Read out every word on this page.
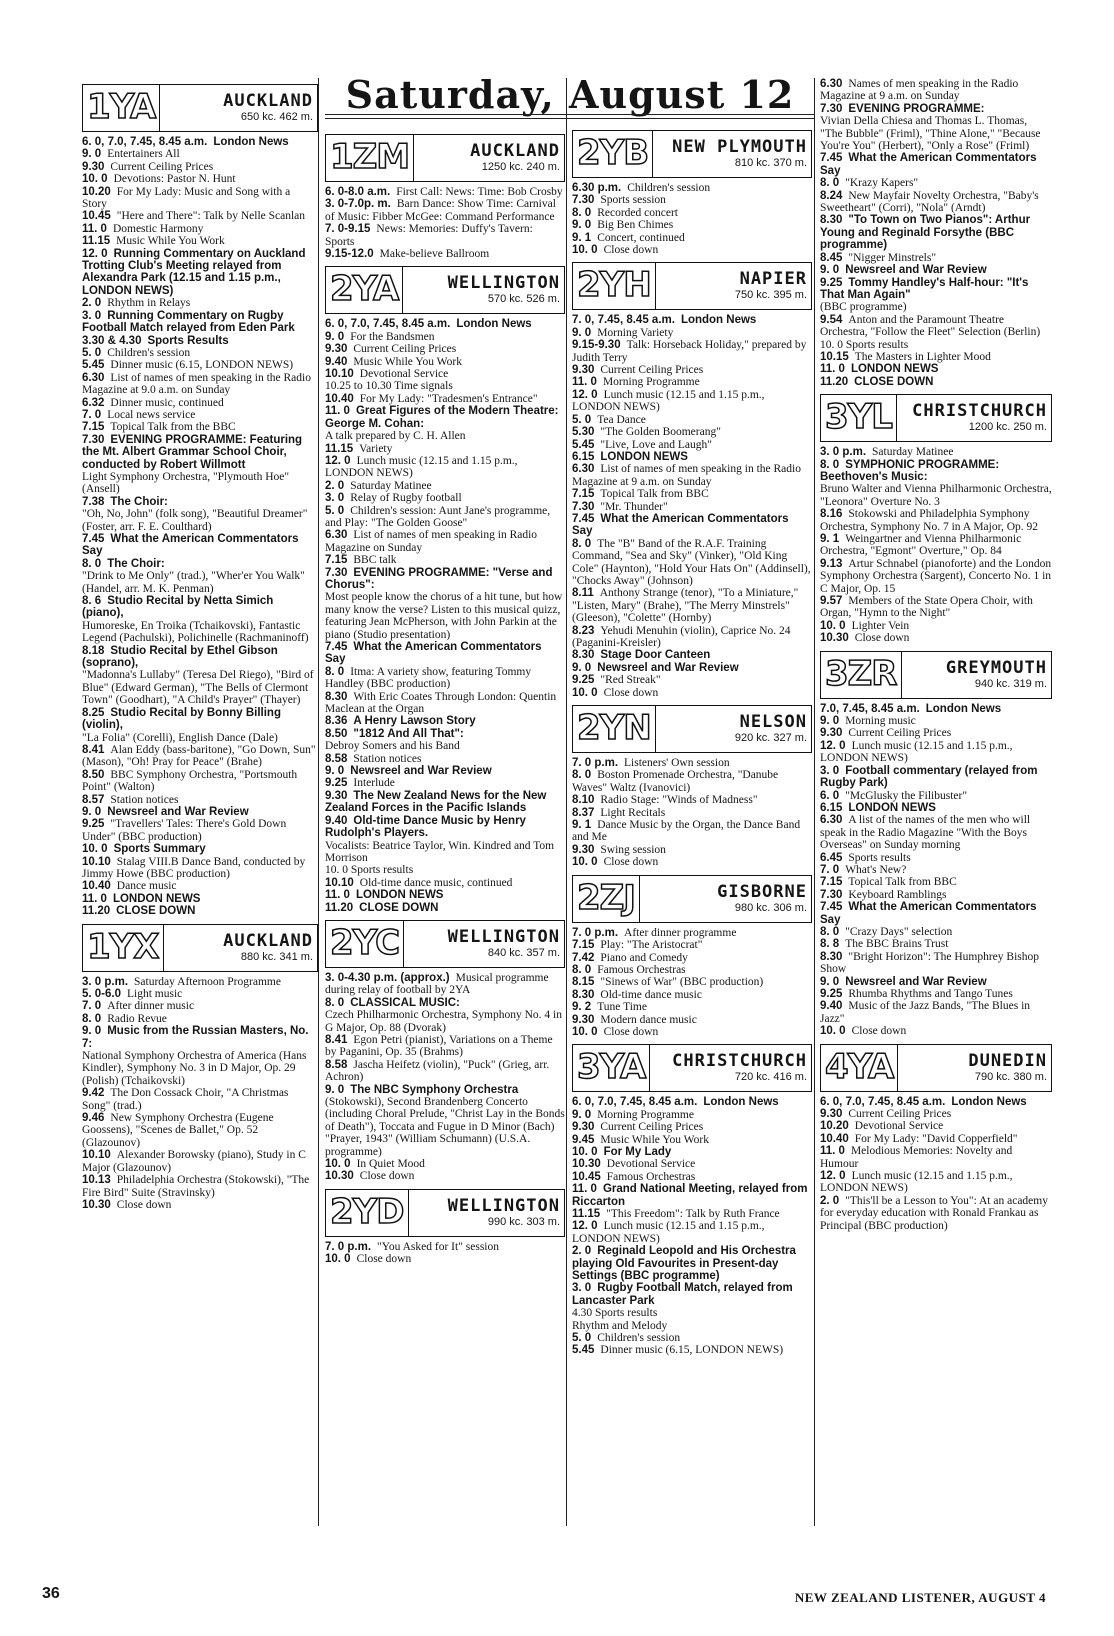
Saturday, August 12
1YA	AUCKLAND
650 kc. 462 m.

6. 0, 7.0, 7.45, 8.45 a.m. London News

9. 0 Entertainers All

9.30 Current Ceiling Prices

10. 0 Devotions: Pastor N. Hunt

10.20 For My Lady: Music and Song with a Story

10.45 "Here and There": Talk by Nelle Scanlan

11. 0 Domestic Harmony

11.15 Music While You Work

12. 0 Running Commentary on Auckland Trotting Club's Meeting relayed from Alexandra Park (12.15 and 1.15 p.m., LONDON NEWS)

2. 0 Rhythm in Relays

3. 0 Running Commentary on Rugby Football Match relayed from Eden Park

3.30 & 4.30 Sports Results

5. 0 Children's session

5.45 Dinner music (6.15, LONDON NEWS)

6.30 List of names of men speaking in the Radio Magazine at 9.0 a.m. on Sunday

6.32 Dinner music, continued

7. 0 Local news service

7.15 Topical Talk from the BBC

7.30 EVENING PROGRAMME: Featuring the Mt. Albert Grammar School Choir, conducted by Robert Willmott

Light Symphony Orchestra, "Plymouth Hoe" (Ansell)

7.38 The Choir:

"Oh, No, John" (folk song), "Beautiful Dreamer" (Foster, arr. F. E. Coulthard)

7.45 What the American Commentators Say

8. 0 The Choir:

"Drink to Me Only" (trad.), "Wher'er You Walk" (Handel, arr. M. K. Penman)

8. 6 Studio Recital by Netta Simich (piano),

Humoreske, En Troika (Tchaikovski), Fantastic Legend (Pachulski), Polichinelle (Rachmaninoff)

8.18 Studio Recital by Ethel Gibson (soprano),

"Madonna's Lullaby" (Teresa Del Riego), "Bird of Blue" (Edward German), "The Bells of Clermont Town" (Goodhart), "A Child's Prayer" (Thayer)

8.25 Studio Recital by Bonny Billing (violin),

"La Folia" (Corelli), English Dance (Dale)

8.41 Alan Eddy (bass-baritone), "Go Down, Sun" (Mason), "Oh! Pray for Peace" (Brahe)

8.50 BBC Symphony Orchestra, "Portsmouth Point" (Walton)

8.57 Station notices

9. 0 Newsreel and War Review

9.25 "Travellers' Tales: There's Gold Down Under" (BBC production)

10. 0 Sports Summary

10.10 Stalag VIII.B Dance Band, conducted by Jimmy Howe (BBC production)

10.40 Dance music

11. 0 LONDON NEWS

11.20 CLOSE DOWN

1YX	AUCKLAND
880 kc. 341 m.

3. 0 p.m. Saturday Afternoon Programme

5. 0-6.0 Light music

7. 0 After dinner music

8. 0 Radio Revue

9. 0 Music from the Russian Masters, No. 7:

National Symphony Orchestra of America (Hans Kindler), Symphony No. 3 in D Major, Op. 29 (Polish) (Tchaikovski)

9.42 The Don Cossack Choir, "A Christmas Song" (trad.)

9.46 New Symphony Orchestra (Eugene Goossens), "Scenes de Ballet," Op. 52 (Glazounov)

10.10 Alexander Borowsky (piano), Study in C Major (Glazounov)

10.13 Philadelphia Orchestra (Stokowski), "The Fire Bird" Suite (Stravinsky)

10.30 Close down

1ZM	AUCKLAND
1250 kc. 240 m.

6. 0-8.0 a.m. First Call: News: Time: Bob Crosby

3. 0-7.0p. m. Barn Dance: Show Time: Carnival of Music: Fibber McGee: Command Performance

7. 0-9.15 News: Memories: Duffy's Tavern: Sports

9.15-12.0 Make-believe Ballroom

2YA	WELLINGTON
570 kc. 526 m.

6. 0, 7.0, 7.45, 8.45 a.m. London News

9. 0 For the Bandsmen

9.30 Current Ceiling Prices

9.40 Music While You Work

10.10 Devotional Service

10.25 to 10.30 Time signals

10.40 For My Lady: "Tradesmen's Entrance"

11. 0 Great Figures of the Modern Theatre: George M. Cohan:

A talk prepared by C. H. Allen

11.15 Variety

12. 0 Lunch music (12.15 and 1.15 p.m., LONDON NEWS)

2. 0 Saturday Matinee

3. 0 Relay of Rugby football

5. 0 Children's session: Aunt Jane's programme, and Play: "The Golden Goose"

6.30 List of names of men speaking in Radio Magazine on Sunday

7.15 BBC talk

7.30 EVENING PROGRAMME: "Verse and Chorus":

Most people know the chorus of a hit tune, but how many know the verse? Listen to this musical quizz, featuring Jean McPherson, with John Parkin at the piano (Studio presentation)

7.45 What the American Commentators Say

8. 0 Itma: A variety show, featuring Tommy Handley (BBC production)

8.30 With Eric Coates Through London: Quentin Maclean at the Organ

8.36 A Henry Lawson Story

8.50 "1812 And All That":

Debroy Somers and his Band

8.58 Station notices

9. 0 Newsreel and War Review

9.25 Interlude

9.30 The New Zealand News for the New Zealand Forces in the Pacific Islands

9.40 Old-time Dance Music by Henry Rudolph's Players.

Vocalists: Beatrice Taylor, Win. Kindred and Tom Morrison

10. 0 Sports results

10.10 Old-time dance music, continued

11. 0 LONDON NEWS

11.20 CLOSE DOWN

2YC	WELLINGTON
840 kc. 357 m.

3. 0-4.30 p.m. (approx.) Musical programme during relay of football by 2YA

8. 0 CLASSICAL MUSIC:

Czech Philharmonic Orchestra, Symphony No. 4 in G Major, Op. 88 (Dvorak)

8.41 Egon Petri (pianist), Variations on a Theme by Paganini, Op. 35 (Brahms)

8.58 Jascha Heifetz (violin), "Puck" (Grieg, arr. Achron)

9. 0 The NBC Symphony Orchestra

(Stokowski), Second Brandenberg Concerto (including Choral Prelude, "Christ Lay in the Bonds of Death"), Toccata and Fugue in D Minor (Bach) "Prayer, 1943" (William Schumann) (U.S.A. programme)

10. 0 In Quiet Mood

10.30 Close down

2YD	WELLINGTON
990 kc. 303 m.

7. 0 p.m. "You Asked for It" session

10. 0 Close down

2YB	NEW PLYMOUTH
810 kc. 370 m.

6.30 p.m. Children's session

7.30 Sports session

8. 0 Recorded concert

9. 0 Big Ben Chimes

9. 1 Concert, continued

10. 0 Close down

2YH	NAPIER
750 kc. 395 m.

7. 0, 7.45, 8.45 a.m. London News

9. 0 Morning Variety

9.15-9.30 Talk: Horseback Holiday," prepared by Judith Terry

9.30 Current Ceiling Prices

11. 0 Morning Programme

12. 0 Lunch music (12.15 and 1.15 p.m., LONDON NEWS)

5. 0 Tea Dance

5.30 "The Golden Boomerang"

5.45 "Live, Love and Laugh"

6.15 LONDON NEWS

6.30 List of names of men speaking in the Radio Magazine at 9 a.m. on Sunday

7.15 Topical Talk from BBC

7.30 "Mr. Thunder"

7.45 What the American Commentators Say

8. 0 The "B" Band of the R.A.F. Training Command, "Sea and Sky" (Vinker), "Old King Cole" (Haynton), "Hold Your Hats On" (Addinsell), "Chocks Away" (Johnson)

8.11 Anthony Strange (tenor), "To a Miniature," "Listen, Mary" (Brahe), "The Merry Minstrels" (Gleeson), "Colette" (Hornby)

8.23 Yehudi Menuhin (violin), Caprice No. 24 (Paganini-Kreisler)

8.30 Stage Door Canteen

9. 0 Newsreel and War Review

9.25 "Red Streak"

10. 0 Close down

2YN	NELSON
920 kc. 327 m.

7. 0 p.m. Listeners' Own session

8. 0 Boston Promenade Orchestra, "Danube Waves" Waltz (Ivanovici)

8.10 Radio Stage: "Winds of Madness"

8.37 Light Recitals

9. 1 Dance Music by the Organ, the Dance Band and Me

9.30 Swing session

10. 0 Close down

2ZJ	GISBORNE
980 kc. 306 m.

7. 0 p.m. After dinner programme

7.15 Play: "The Aristocrat"

7.42 Piano and Comedy

8. 0 Famous Orchestras

8.15 "Sinews of War" (BBC production)

8.30 Old-time dance music

9. 2 Tune Time

9.30 Modern dance music

10. 0 Close down

3YA	CHRISTCHURCH
720 kc. 416 m.

6. 0, 7.0, 7.45, 8.45 a.m. London News

9. 0 Morning Programme

9.30 Current Ceiling Prices

9.45 Music While You Work

10. 0 For My Lady

10.30 Devotional Service

10.45 Famous Orchestras

11. 0 Grand National Meeting, relayed from Riccarton

11.15 "This Freedom": Talk by Ruth France

12. 0 Lunch music (12.15 and 1.15 p.m., LONDON NEWS)

2. 0 Reginald Leopold and His Orchestra playing Old Favourites in Present-day Settings (BBC programme)

3. 0 Rugby Football Match, relayed from Lancaster Park

4.30 Sports results

Rhythm and Melody

5. 0 Children's session

5.45 Dinner music (6.15, LONDON NEWS)

6.30 Names of men speaking in the Radio Magazine at 9 a.m. on Sunday

7.30 EVENING PROGRAMME:

Vivian Della Chiesa and Thomas L. Thomas, "The Bubble" (Friml), "Thine Alone," "Because You're You" (Herbert), "Only a Rose" (Friml)

7.45 What the American Commentators Say

8. 0 "Krazy Kapers"

8.24 New Mayfair Novelty Orchestra, "Baby's Sweetheart" (Corri), "Nola" (Arndt)

8.30 "To Town on Two Pianos": Arthur Young and Reginald Forsythe (BBC programme)

8.45 "Nigger Minstrels"

9. 0 Newsreel and War Review

9.25 Tommy Handley's Half-hour: "It's That Man Again"

(BBC programme)

9.54 Anton and the Paramount Theatre Orchestra, "Follow the Fleet" Selection (Berlin)

10. 0 Sports results

10.15 The Masters in Lighter Mood

11. 0 LONDON NEWS

11.20 CLOSE DOWN

3YL	CHRISTCHURCH
1200 kc. 250 m.

3. 0 p.m. Saturday Matinee

8. 0 SYMPHONIC PROGRAMME: Beethoven's Music:

Bruno Walter and Vienna Philharmonic Orchestra, "Leonora" Overture No. 3

8.16 Stokowski and Philadelphia Symphony Orchestra, Symphony No. 7 in A Major, Op. 92

9. 1 Weingartner and Vienna Philharmonic Orchestra, "Egmont" Overture," Op. 84

9.13 Artur Schnabel (pianoforte) and the London Symphony Orchestra (Sargent), Concerto No. 1 in C Major, Op. 15

9.57 Members of the State Opera Choir, with Organ, "Hymn to the Night"

10. 0 Lighter Vein

10.30 Close down

3ZR	GREYMOUTH
940 kc. 319 m.

7.0, 7.45, 8.45 a.m. London News

9. 0 Morning music

9.30 Current Ceiling Prices

12. 0 Lunch music (12.15 and 1.15 p.m., LONDON NEWS)

3. 0 Football commentary (relayed from Rugby Park)

6. 0 "McGlusky the Filibuster"

6.15 LONDON NEWS

6.30 A list of the names of the men who will speak in the Radio Magazine "With the Boys Overseas" on Sunday morning

6.45 Sports results

7. 0 What's New?

7.15 Topical Talk from BBC

7.30 Keyboard Ramblings

7.45 What the American Commentators Say

8. 0 "Crazy Days" selection

8. 8 The BBC Brains Trust

8.30 "Bright Horizon": The Humphrey Bishop Show

9. 0 Newsreel and War Review

9.25 Rhumba Rhythms and Tango Tunes

9.40 Music of the Jazz Bands, "The Blues in Jazz"

10. 0 Close down

4YA	DUNEDIN
790 kc. 380 m.

6. 0, 7.0, 7.45, 8.45 a.m. London News

9.30 Current Ceiling Prices

10.20 Devotional Service

10.40 For My Lady: "David Copperfield"

11. 0 Melodious Memories: Novelty and Humour

12. 0 Lunch music (12.15 and 1.15 p.m., LONDON NEWS)

2. 0 "This'll be a Lesson to You": At an academy for everyday education with Ronald Frankau as Principal (BBC production)

36	NEW ZEALAND LISTENER, AUGUST 4
